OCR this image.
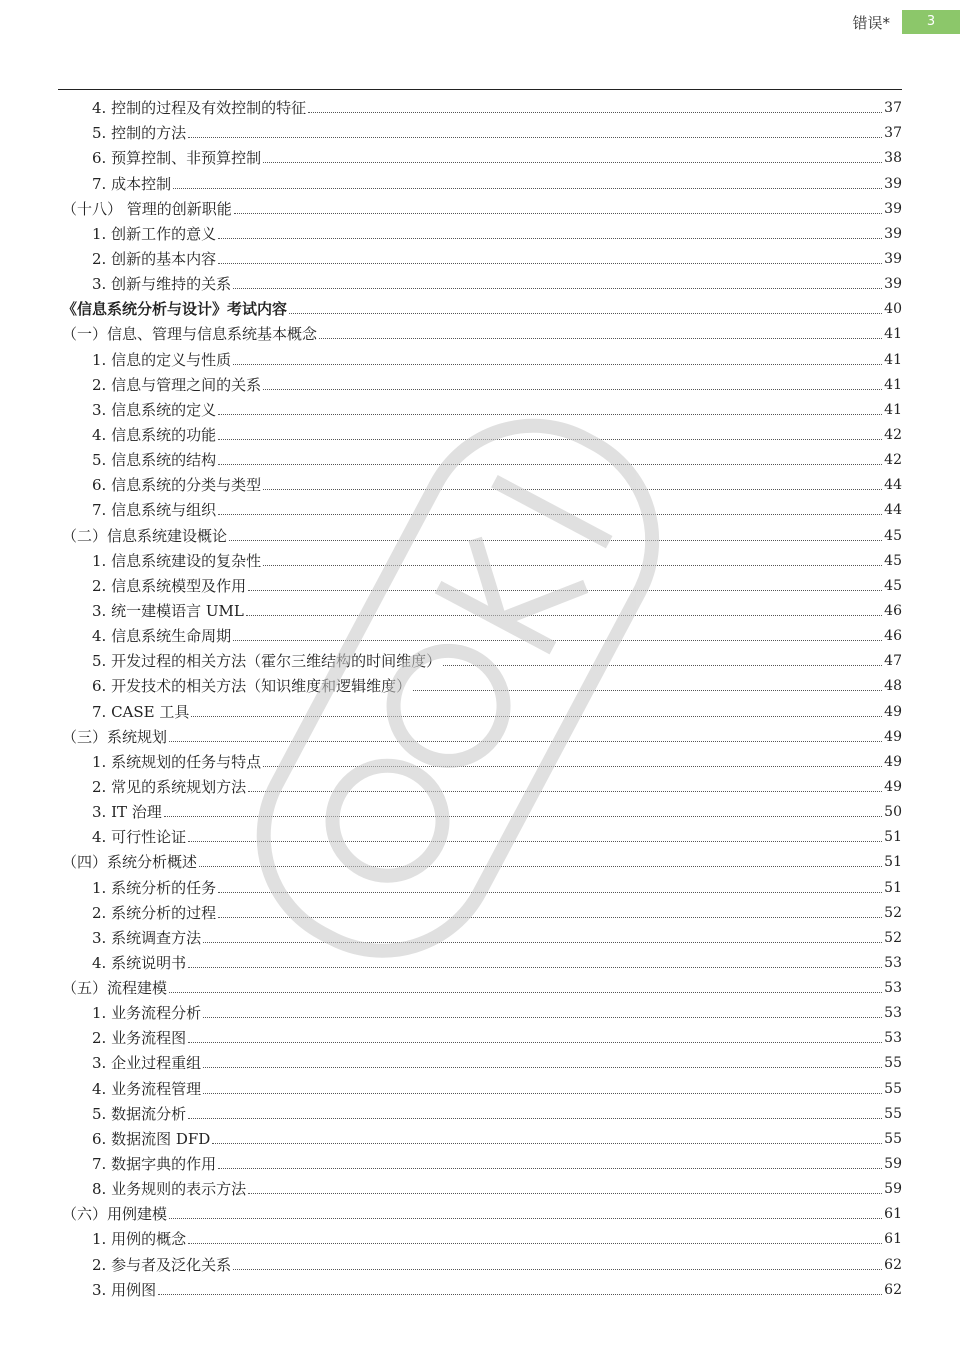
错误*	3
4. 控制的过程及有效控制的特征	37
5. 控制的方法	37
6. 预算控制、非预算控制	38
7. 成本控制	39
（十八） 管理的创新职能	39
1. 创新工作的意义	39
2. 创新的基本内容	39
3. 创新与维持的关系	39
《信息系统分析与设计》考试内容	40
（一）信息、管理与信息系统基本概念	41
1. 信息的定义与性质	41
2. 信息与管理之间的关系	41
3. 信息系统的定义	41
4. 信息系统的功能	42
5. 信息系统的结构	42
6. 信息系统的分类与类型	44
7. 信息系统与组织	44
（二）信息系统建设概论	45
1. 信息系统建设的复杂性	45
2. 信息系统模型及作用	45
3. 统一建模语言 UML	46
4. 信息系统生命周期	46
5. 开发过程的相关方法（霍尔三维结构的时间维度）	47
6. 开发技术的相关方法（知识维度和逻辑维度）	48
7. CASE 工具	49
（三）系统规划	49
1. 系统规划的任务与特点	49
2. 常见的系统规划方法	49
3. IT 治理	50
4. 可行性论证	51
（四）系统分析概述	51
1. 系统分析的任务	51
2. 系统分析的过程	52
3. 系统调查方法	52
4. 系统说明书	53
（五）流程建模	53
1. 业务流程分析	53
2. 业务流程图	53
3. 企业过程重组	55
4. 业务流程管理	55
5. 数据流分析	55
6. 数据流图 DFD	55
7. 数据字典的作用	59
8. 业务规则的表示方法	59
（六）用例建模	61
1. 用例的概念	61
2. 参与者及泛化关系	62
3. 用例图	62
